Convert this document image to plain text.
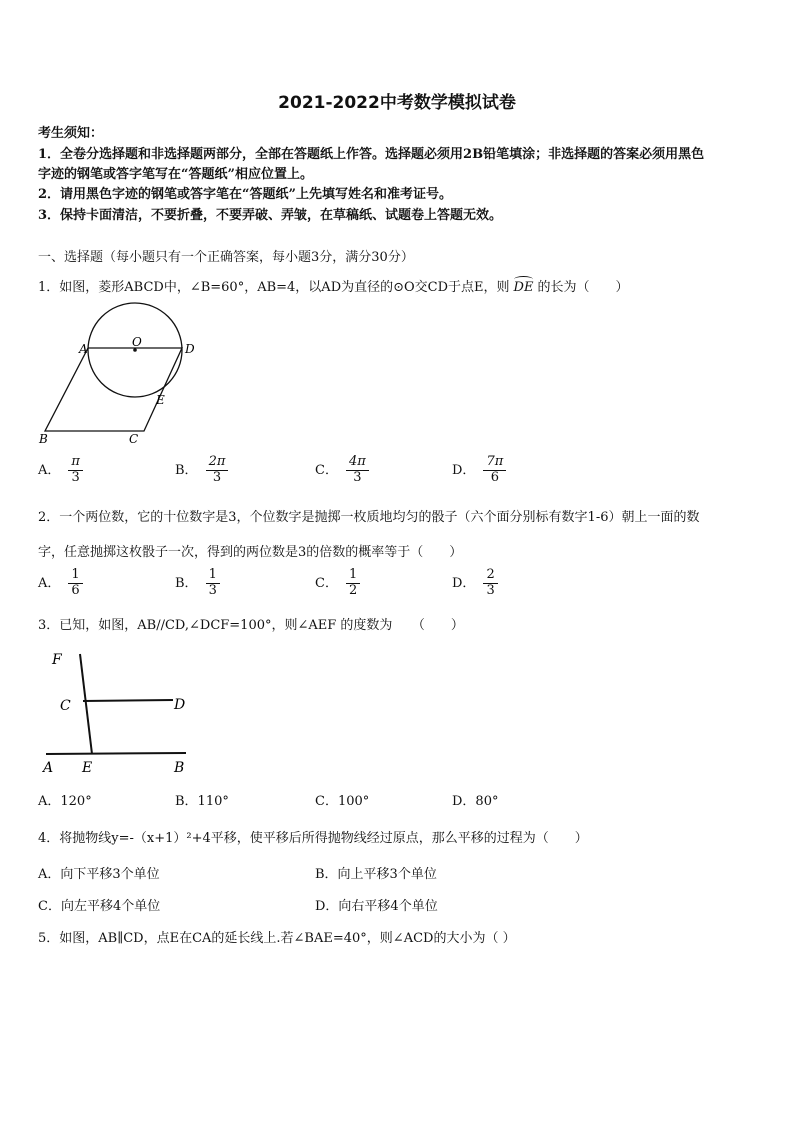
2021-2022中考数学模拟试卷
考生须知：
1．全卷分选择题和非选择题两部分，全部在答题纸上作答。选择题必须用2B铅笔填涂；非选择题的答案必须用黑色
字迹的钢笔或答字笔写在“答题纸”相应位置上。
2．请用黑色字迹的钢笔或答字笔在“答题纸”上先填写姓名和准考证号。
3．保持卡面清洁，不要折叠，不要弄破、弄皱，在草稿纸、试题卷上答题无效。
一、选择题（每小题只有一个正确答案，每小题3分，满分30分）
1．如图，菱形ABCD中，∠B=60°，AB=4，以AD为直径的⊙O交CD于点E，则 DE 的长为（　　）
A	O	D
E
B	C
A． $\frac{\pi}{3}$	B． $\frac{2\pi}{3}$	C． $\frac{4\pi}{3}$	D． $\frac{7\pi}{6}$
2．一个两位数，它的十位数字是3，个位数字是抛掷一枚质地均匀的骰子（六个面分别标有数字1-6）朝上一面的数
字，任意抛掷这枚骰子一次，得到的两位数是3的倍数的概率等于（　　）
A． $\frac{1}{6}$	B． $\frac{1}{3}$	C． $\frac{1}{2}$	D． $\frac{2}{3}$
3．已知，如图，AB//CD,∠DCF=100°，则∠AEF 的度数为　　（　　）
F
C	D
A E	B
A．120°	B．110°	C．100°	D．80°
4．将抛物线y=-（x+1）²+4平移，使平移后所得抛物线经过原点，那么平移的过程为（　　）
A．向下平移3个单位	B．向上平移3个单位
C．向左平移4个单位	D．向右平移4个单位
5．如图，AB∥CD，点E在CA的延长线上.若∠BAE=40°，则∠ACD的大小为（ ）
